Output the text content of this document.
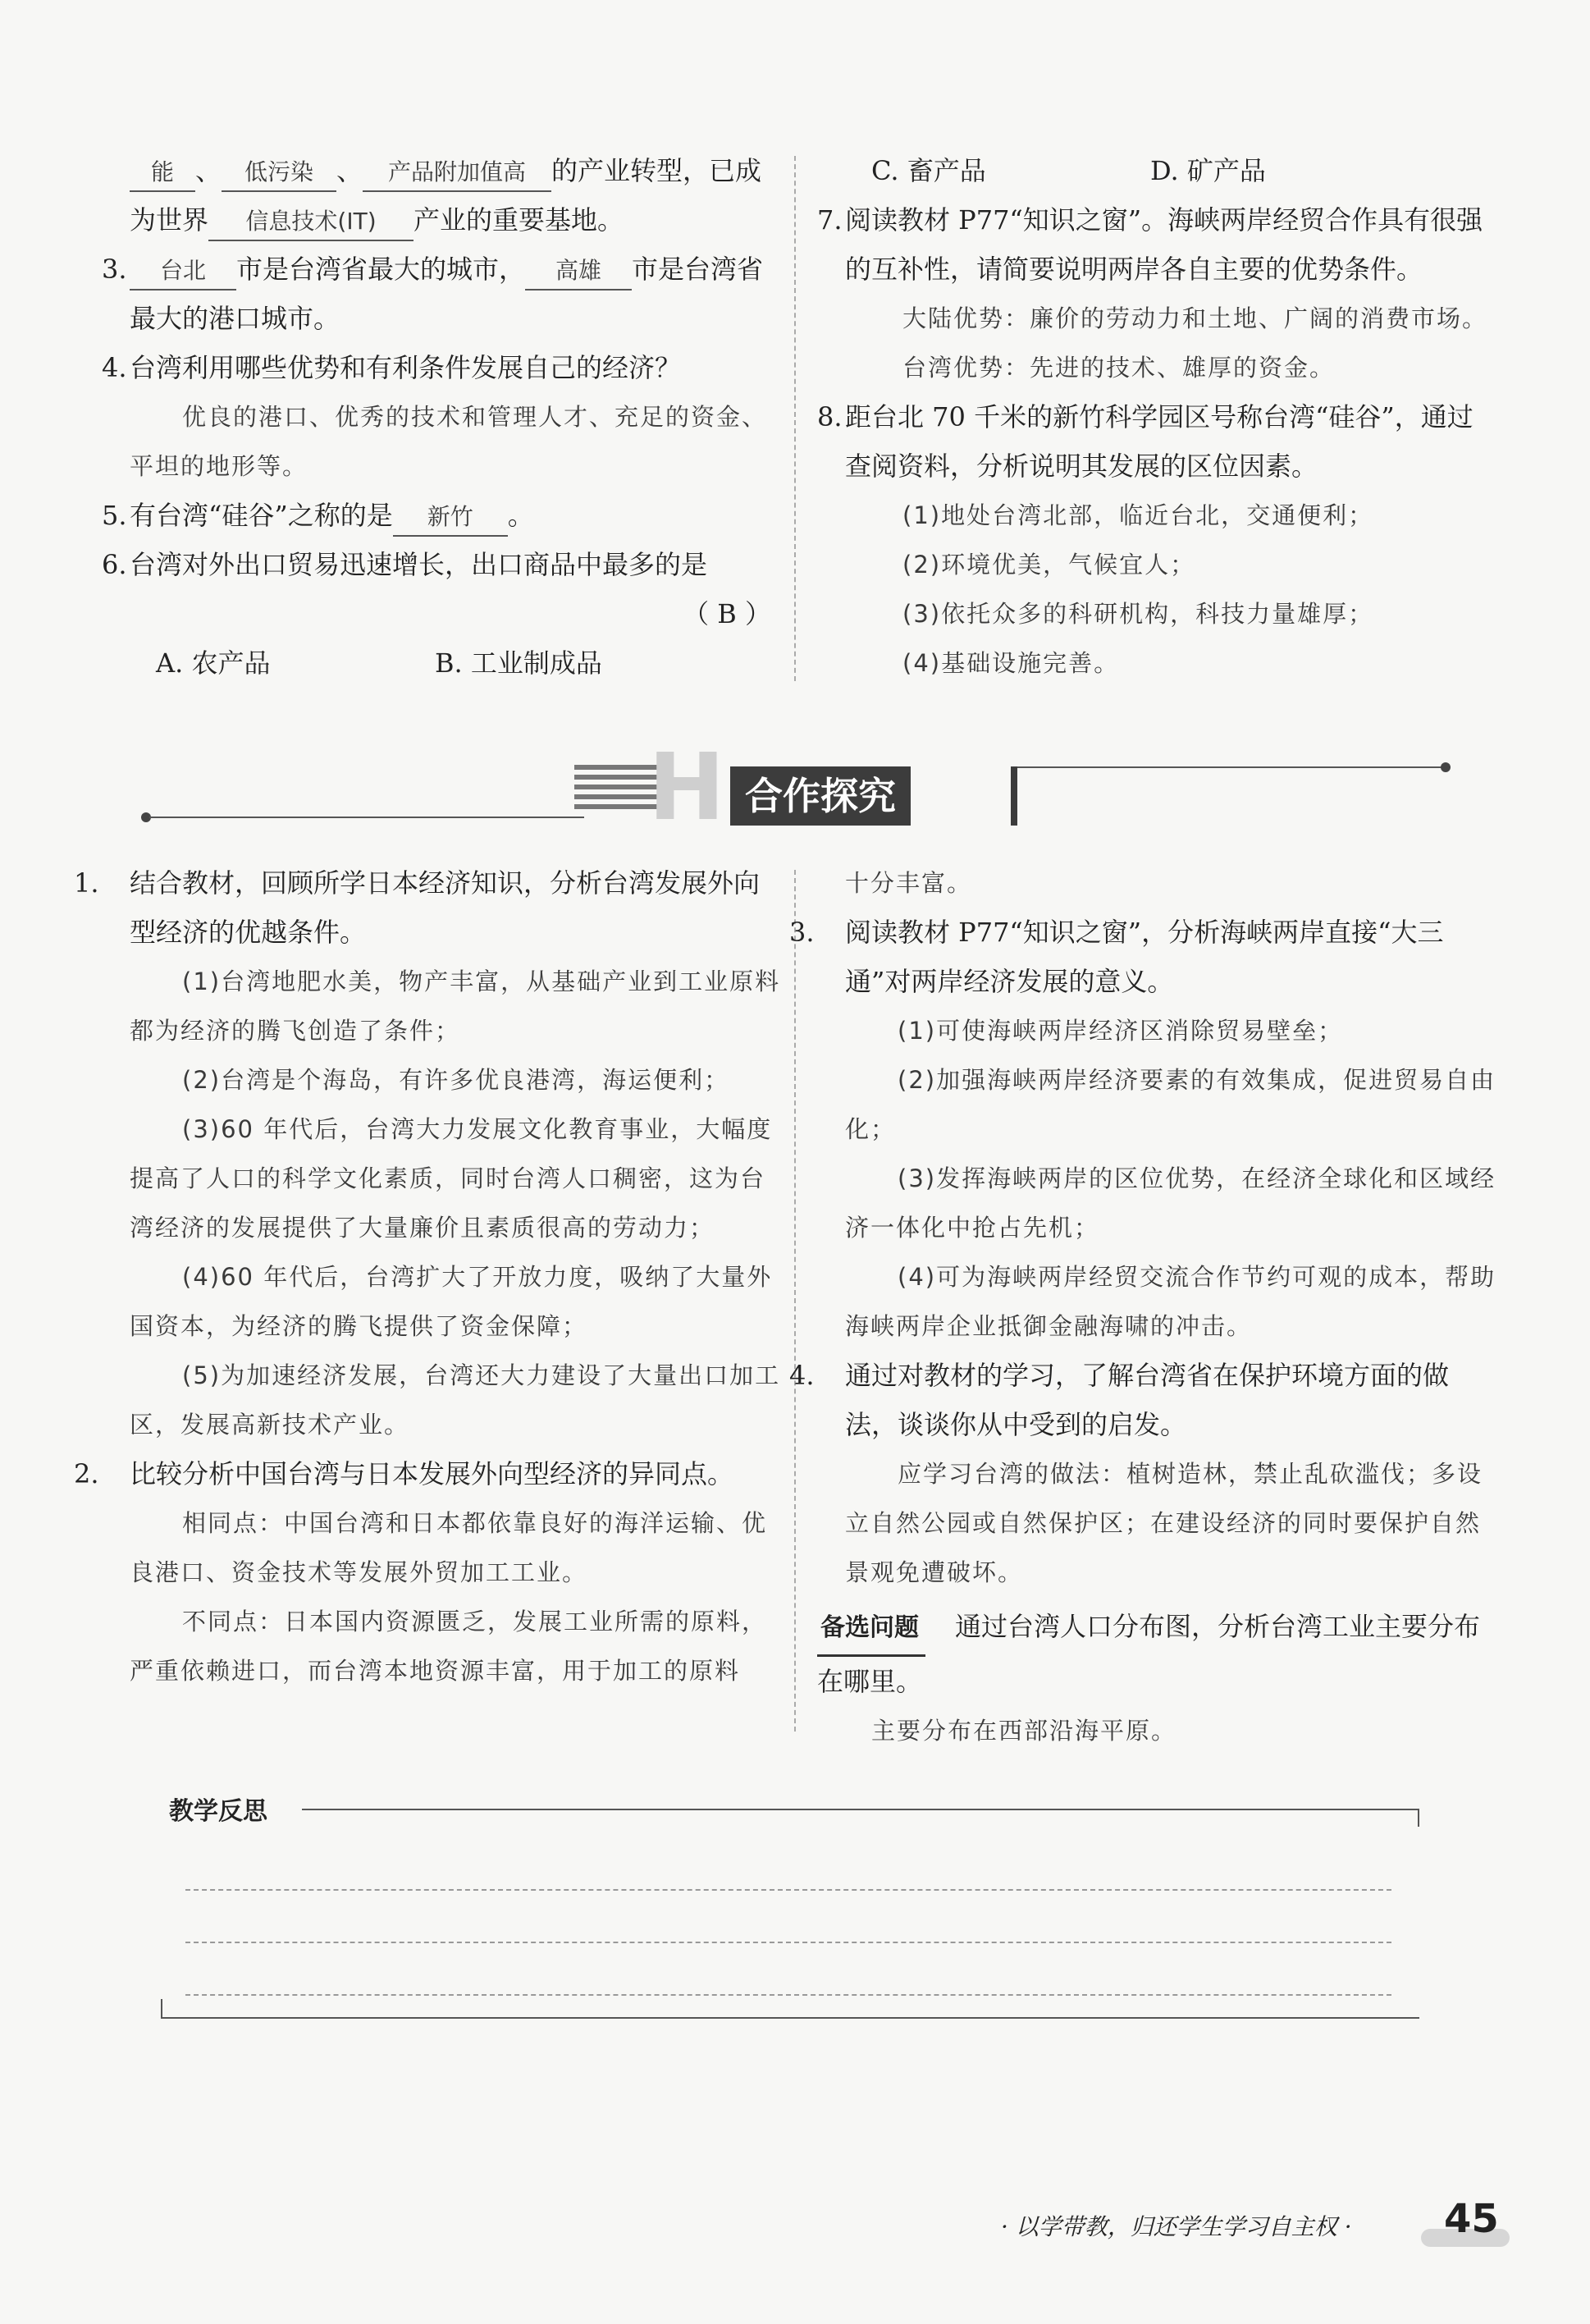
能 、 低污染 、 产品附加值高 的产业转型，已成

为世界 信息技术(IT) 产业的重要基地。

3. 台北 市是台湾省最大的城市， 高雄 市是台湾省

最大的港口城市。

4. 台湾利用哪些优势和有利条件发展自己的经济？

优良的港口、优秀的技术和管理人才、充足的资金、平坦的地形等。

5. 有台湾“硅谷”之称的是 新竹 。

6. 台湾对外出口贸易迅速增长，出口商品中最多的是

（ B ）

A. 农产品	B. 工业制成品
C. 畜产品	D. 矿产品

7. 阅读教材 P77“知识之窗”。海峡两岸经贸合作具有很强的互补性，请简要说明两岸各自主要的优势条件。

大陆优势：廉价的劳动力和土地、广阔的消费市场。

台湾优势：先进的技术、雄厚的资金。

8. 距台北 70 千米的新竹科学园区号称台湾“硅谷”，通过查阅资料，分析说明其发展的区位因素。

(1)地处台湾北部，临近台北，交通便利；

(2)环境优美，气候宜人；

(3)依托众多的科研机构，科技力量雄厚；

(4)基础设施完善。

H 合作探究

1. 结合教材，回顾所学日本经济知识，分析台湾发展外向型经济的优越条件。

(1)台湾地肥水美，物产丰富，从基础产业到工业原料都为经济的腾飞创造了条件；

(2)台湾是个海岛，有许多优良港湾，海运便利；

(3)60 年代后，台湾大力发展文化教育事业，大幅度提高了人口的科学文化素质，同时台湾人口稠密，这为台湾经济的发展提供了大量廉价且素质很高的劳动力；

(4)60 年代后，台湾扩大了开放力度，吸纳了大量外国资本，为经济的腾飞提供了资金保障；

(5)为加速经济发展，台湾还大力建设了大量出口加工区，发展高新技术产业。

2. 比较分析中国台湾与日本发展外向型经济的异同点。

相同点：中国台湾和日本都依靠良好的海洋运输、优良港口、资金技术等发展外贸加工工业。

不同点：日本国内资源匮乏，发展工业所需的原料，严重依赖进口，而台湾本地资源丰富，用于加工的原料

十分丰富。

3. 阅读教材 P77“知识之窗”，分析海峡两岸直接“大三通”对两岸经济发展的意义。

(1)可使海峡两岸经济区消除贸易壁垒；

(2)加强海峡两岸经济要素的有效集成，促进贸易自由化；

(3)发挥海峡两岸的区位优势，在经济全球化和区域经济一体化中抢占先机；

(4)可为海峡两岸经贸交流合作节约可观的成本，帮助海峡两岸企业抵御金融海啸的冲击。

4. 通过对教材的学习，了解台湾省在保护环境方面的做法，谈谈你从中受到的启发。

应学习台湾的做法：植树造林，禁止乱砍滥伐；多设立自然公园或自然保护区；在建设经济的同时要保护自然景观免遭破坏。

备选问题 通过台湾人口分布图，分析台湾工业主要分布在哪里。

主要分布在西部沿海平原。

教学反思
· 以学带教，归还学生学习自主权 · 45
